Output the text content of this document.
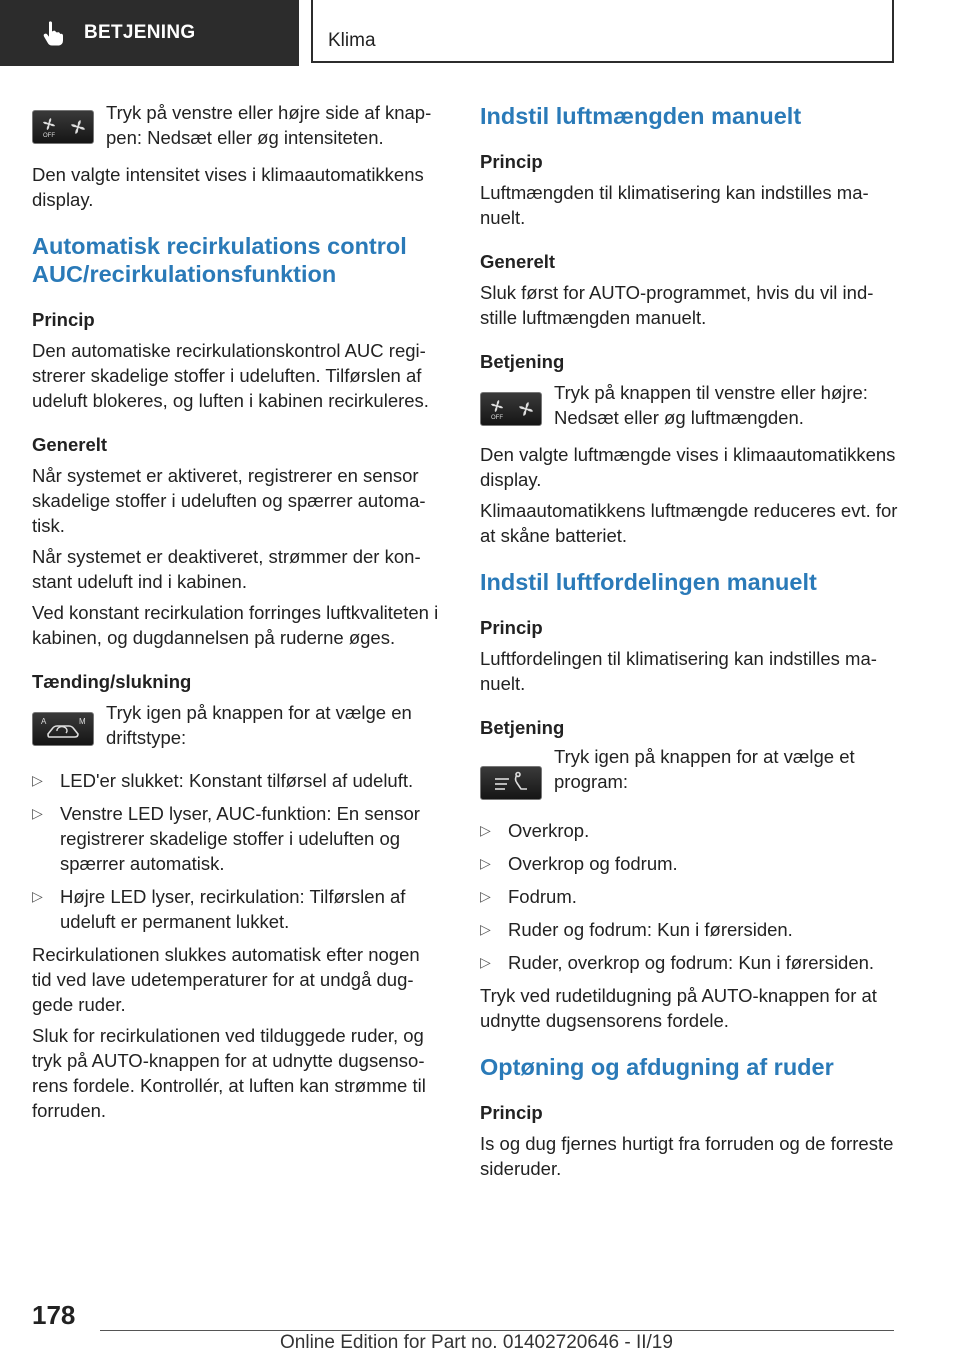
BETJENING	Klima
OFF

Tryk på venstre eller højre side af knappen: Nedsæt eller øg intensiteten.

Den valgte intensitet vises i klimaautomatikkens display.

Automatisk recirkulations control AUC/recirkulationsfunktion
Princip

Den automatiske recirkulationskontrol AUC registrerer skadelige stoffer i udeluften. Tilførslen af udeluft blokeres, og luften i kabinen recirkuleres.

Generelt

Når systemet er aktiveret, registrerer en sensor skadelige stoffer i udeluften og spærrer automatisk.

Når systemet er deaktiveret, strømmer der konstant udeluft ind i kabinen.

Ved konstant recirkulation forringes luftkvaliteten i kabinen, og dugdannelsen på ruderne øges.

Tænding/slukning
A	M Tryk igen på knappen for at vælge en driftstype:

▷ LED'er slukket: Konstant tilførsel af udeluft.
▷ Venstre LED lyser, AUC-funktion: En sensor registrerer skadelige stoffer i udeluften og spærrer automatisk.
▷ Højre LED lyser, recirkulation: Tilførslen af udeluft er permanent lukket.

Recirkulationen slukkes automatisk efter nogen tid ved lave udetemperaturer for at undgå duggede ruder.

Sluk for recirkulationen ved tilduggede ruder, og tryk på AUTO-knappen for at udnytte dugsensorens fordele. Kontrollér, at luften kan strømme til forruden.

Indstil luftmængden manuelt
Princip

Luftmængden til klimatisering kan indstilles manuelt.

Generelt

Sluk først for AUTO-programmet, hvis du vil indstille luftmængden manuelt.

Betjening
OFF

Tryk på knappen til venstre eller højre: Nedsæt eller øg luftmængden.

Den valgte luftmængde vises i klimaautomatikkens display.

Klimaautomatikkens luftmængde reduceres evt. for at skåne batteriet.

Indstil luftfordelingen manuelt
Princip

Luftfordelingen til klimatisering kan indstilles manuelt.

Betjening

Tryk igen på knappen for at vælge et program:

▷ Overkrop.
▷ Overkrop og fodrum.
▷ Fodrum.
▷ Ruder og fodrum: Kun i førersiden.
▷ Ruder, overkrop og fodrum: Kun i førersiden.

Tryk ved rudetildugning på AUTO-knappen for at udnytte dugsensorens fordele.

Optøning og afdugning af ruder
Princip

Is og dug fjernes hurtigt fra forruden og de forreste sideruder.

178
Online Edition for Part no. 01402720646 - II/19
